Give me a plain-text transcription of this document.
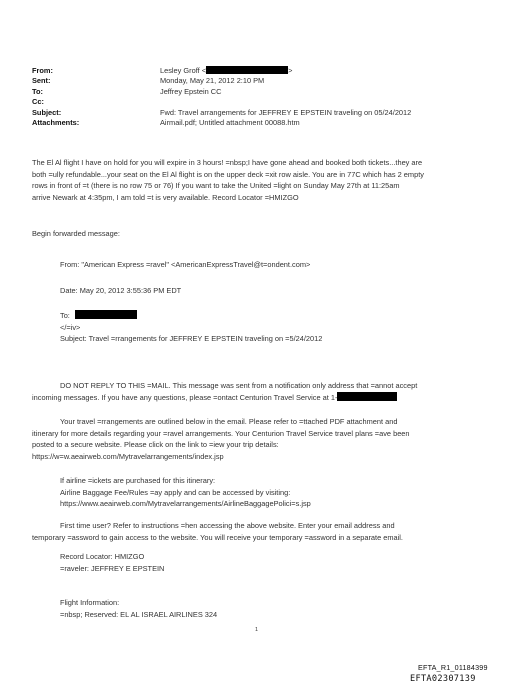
From:	Lesley Groff <	>
Sent:	Monday, May 21, 2012 2:10 PM
To:	Jeffrey Epstein CC
Cc:
Subject:	Fwd: Travel arrangements for JEFFREY E EPSTEIN traveling on 05/24/2012
Attachments:	Airmail.pdf; Untitled attachment 00088.htm
The El Al flight I have on hold for you will expire in 3 hours! =nbsp;I have gone ahead and booked both tickets...they are
both =ully refundable...your seat on the El Al flight is on the upper deck =xit row aisle. You are in 77C which has 2 empty
rows in front of =t (there is no row 75 or 76) If you want to take the United =light on Sunday May 27th at 11:25am
arrive Newark at 4:35pm, I am told =t is very available. Record Locator =HMIZGO
Begin forwarded message:
From: "American Express =ravel" <AmericanExpressTravel@t=ondent.com>
Date: May 20, 2012 3:55:36 PM EDT
To:
</=iv>
Subject: Travel =rrangements for JEFFREY E EPSTEIN traveling on =5/24/2012
DO NOT REPLY TO THIS =MAIL. This message was sent from a notification only address that =annot accept
incoming messages. If you have any questions, please =ontact Centurion Travel Service at 1-
Your travel =rrangements are outlined below in the email. Please refer to =ttached PDF attachment and
itinerary for more details regarding your =ravel arrangements. Your Centurion Travel Service travel plans =ave been
posted to a secure website. Please click on the link to =iew your trip details:
https://w=w.aeairweb.com/Mytravelarrangements/index.jsp
If airline =ickets are purchased for this itinerary:
Airline Baggage Fee/Rules =ay apply and can be accessed by visiting:
https://www.aeairweb.com/Mytravelarrangements/AirlineBaggagePolici=s.jsp
First time user? Refer to instructions =hen accessing the above website. Enter your email address and
temporary =assword to gain access to the website. You will receive your temporary =assword in a separate email.
Record Locator: HMIZGO
=raveler: JEFFREY E EPSTEIN
Flight Information:
=nbsp; Reserved: EL AL ISRAEL AIRLINES 324
1
EFTA_R1_01184399
EFTA02307139
